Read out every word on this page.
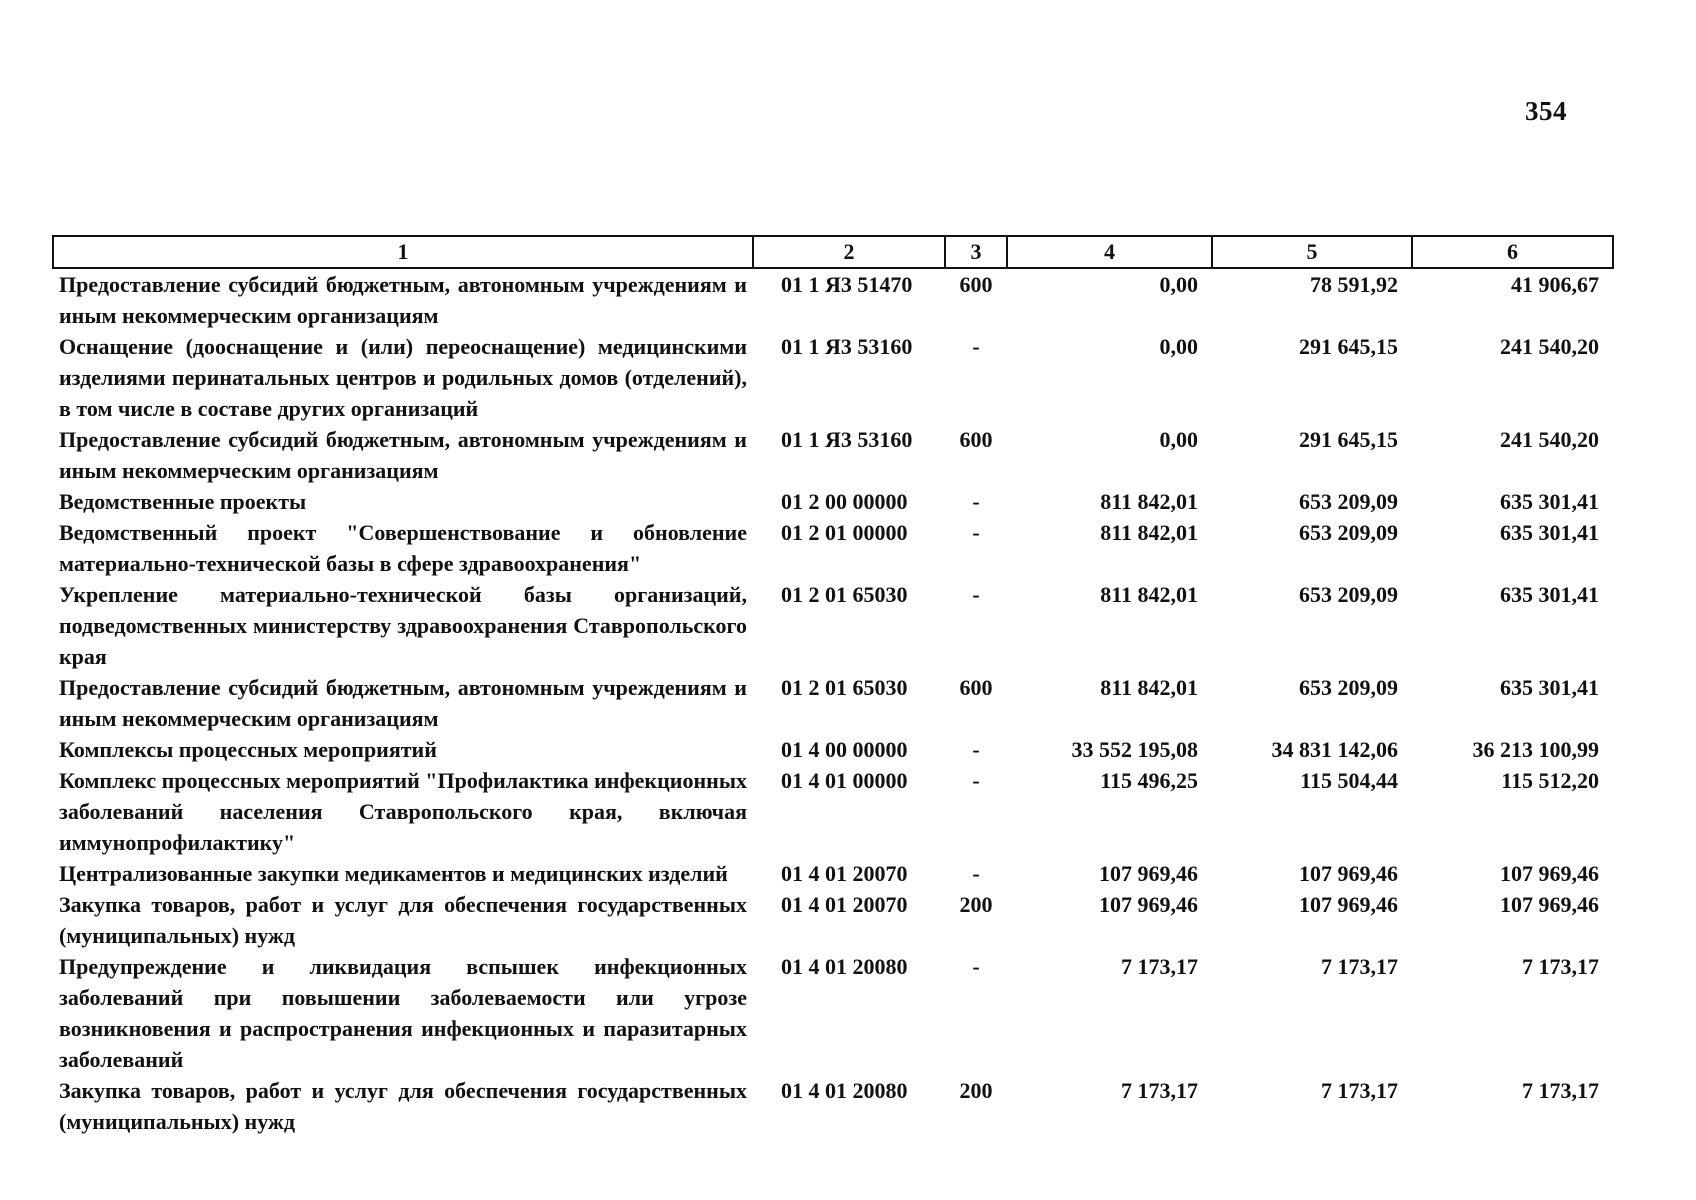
354
1	2	3	4	5	6
Предоставление субсидий бюджетным, автономным учреждениям и иным некоммерческим организациям	01 1 Я3 51470	600	0,00	78 591,92	41 906,67
Оснащение (дооснащение и (или) переоснащение) медицинскими изделиями перинатальных центров и родильных домов (отделений), в том числе в составе других организаций	01 1 Я3 53160	-	0,00	291 645,15	241 540,20
Предоставление субсидий бюджетным, автономным учреждениям и иным некоммерческим организациям	01 1 Я3 53160	600	0,00	291 645,15	241 540,20
Ведомственные проекты	01 2 00 00000	-	811 842,01	653 209,09	635 301,41
Ведомственный проект "Совершенствование и обновление материально-технической базы в сфере здравоохранения"	01 2 01 00000	-	811 842,01	653 209,09	635 301,41
Укрепление материально-технической базы организаций, подведомственных министерству здравоохранения Ставропольского края	01 2 01 65030	-	811 842,01	653 209,09	635 301,41
Предоставление субсидий бюджетным, автономным учреждениям и иным некоммерческим организациям	01 2 01 65030	600	811 842,01	653 209,09	635 301,41
Комплексы процессных мероприятий	01 4 00 00000	-	33 552 195,08	34 831 142,06	36 213 100,99
Комплекс процессных мероприятий "Профилактика инфекционных заболеваний населения Ставропольского края, включая иммунопрофилактику"	01 4 01 00000	-	115 496,25	115 504,44	115 512,20
Централизованные закупки медикаментов и медицинских изделий	01 4 01 20070	-	107 969,46	107 969,46	107 969,46
Закупка товаров, работ и услуг для обеспечения государственных (муниципальных) нужд	01 4 01 20070	200	107 969,46	107 969,46	107 969,46
Предупреждение и ликвидация вспышек инфекционных заболеваний при повышении заболеваемости или угрозе возникновения и распространения инфекционных и паразитарных заболеваний	01 4 01 20080	-	7 173,17	7 173,17	7 173,17
Закупка товаров, работ и услуг для обеспечения государственных (муниципальных) нужд	01 4 01 20080	200	7 173,17	7 173,17	7 173,17
